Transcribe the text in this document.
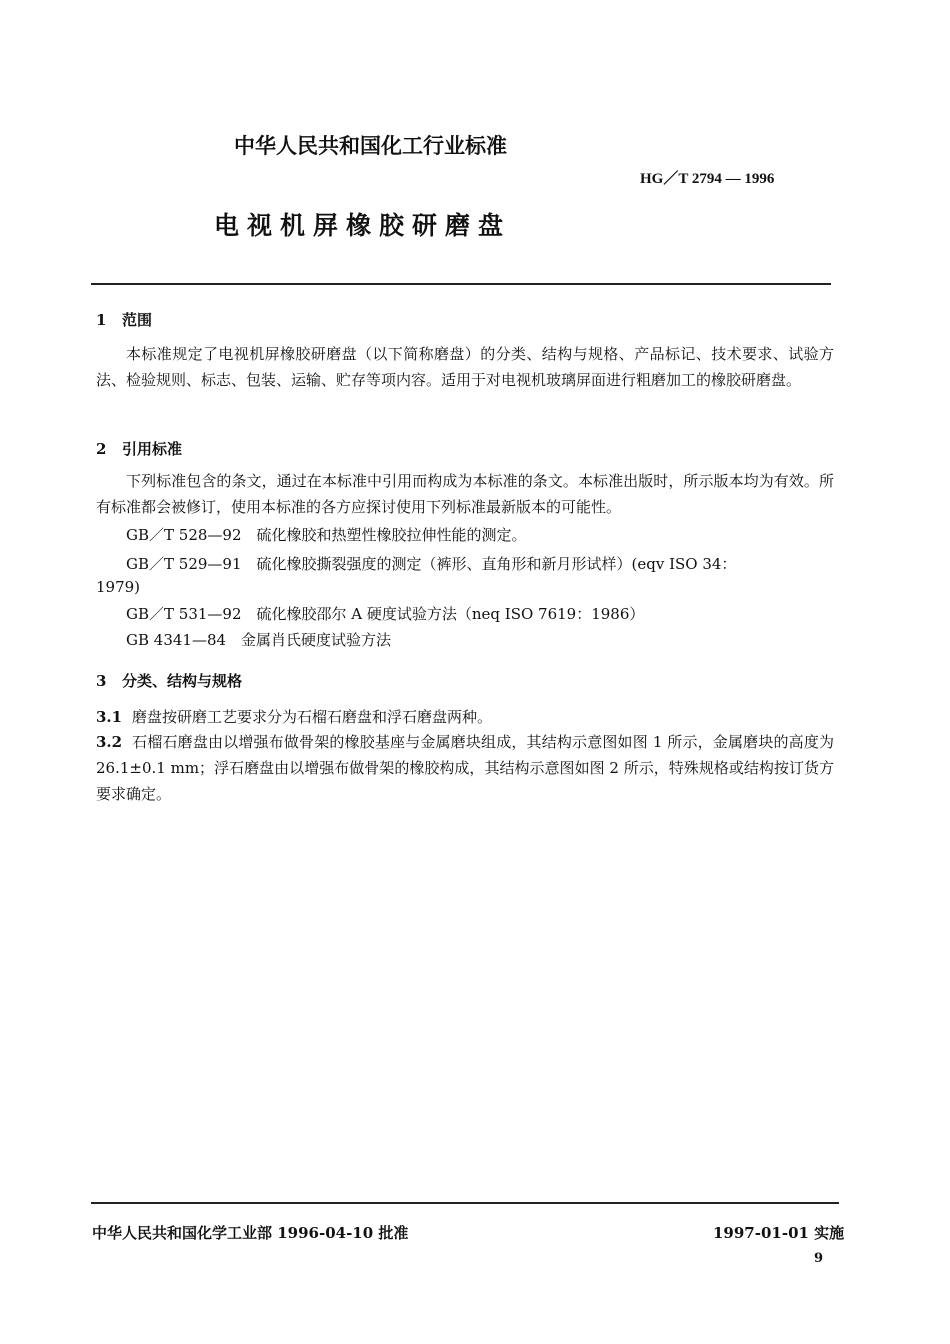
中华人民共和国化工行业标准
HG／T 2794 — 1996
电视机屏橡胶研磨盘
1 范围
本标准规定了电视机屏橡胶研磨盘（以下简称磨盘）的分类、结构与规格、产品标记、技术要求、试验方法、检验规则、标志、包装、运输、贮存等项内容。适用于对电视机玻璃屏面进行粗磨加工的橡胶研磨盘。
2 引用标准
下列标准包含的条文，通过在本标准中引用而构成为本标准的条文。本标准出版时，所示版本均为有效。所有标准都会被修订，使用本标准的各方应探讨使用下列标准最新版本的可能性。
GB／T 528—92　硫化橡胶和热塑性橡胶拉伸性能的测定。
GB／T 529—91　硫化橡胶撕裂强度的测定（裤形、直角形和新月形试样）(eqv ISO 34：
1979)
GB／T 531—92　硫化橡胶邵尔 A 硬度试验方法（neq ISO 7619：1986）
GB 4341—84　金属肖氏硬度试验方法
3 分类、结构与规格
3.1 磨盘按研磨工艺要求分为石榴石磨盘和浮石磨盘两种。
3.2 石榴石磨盘由以增强布做骨架的橡胶基座与金属磨块组成，其结构示意图如图 1 所示，金属磨块的高度为 26.1±0.1 mm；浮石磨盘由以增强布做骨架的橡胶构成，其结构示意图如图 2 所示，特殊规格或结构按订货方要求确定。
中华人民共和国化学工业部 1996-04-10 批准	1997-01-01 实施
9
